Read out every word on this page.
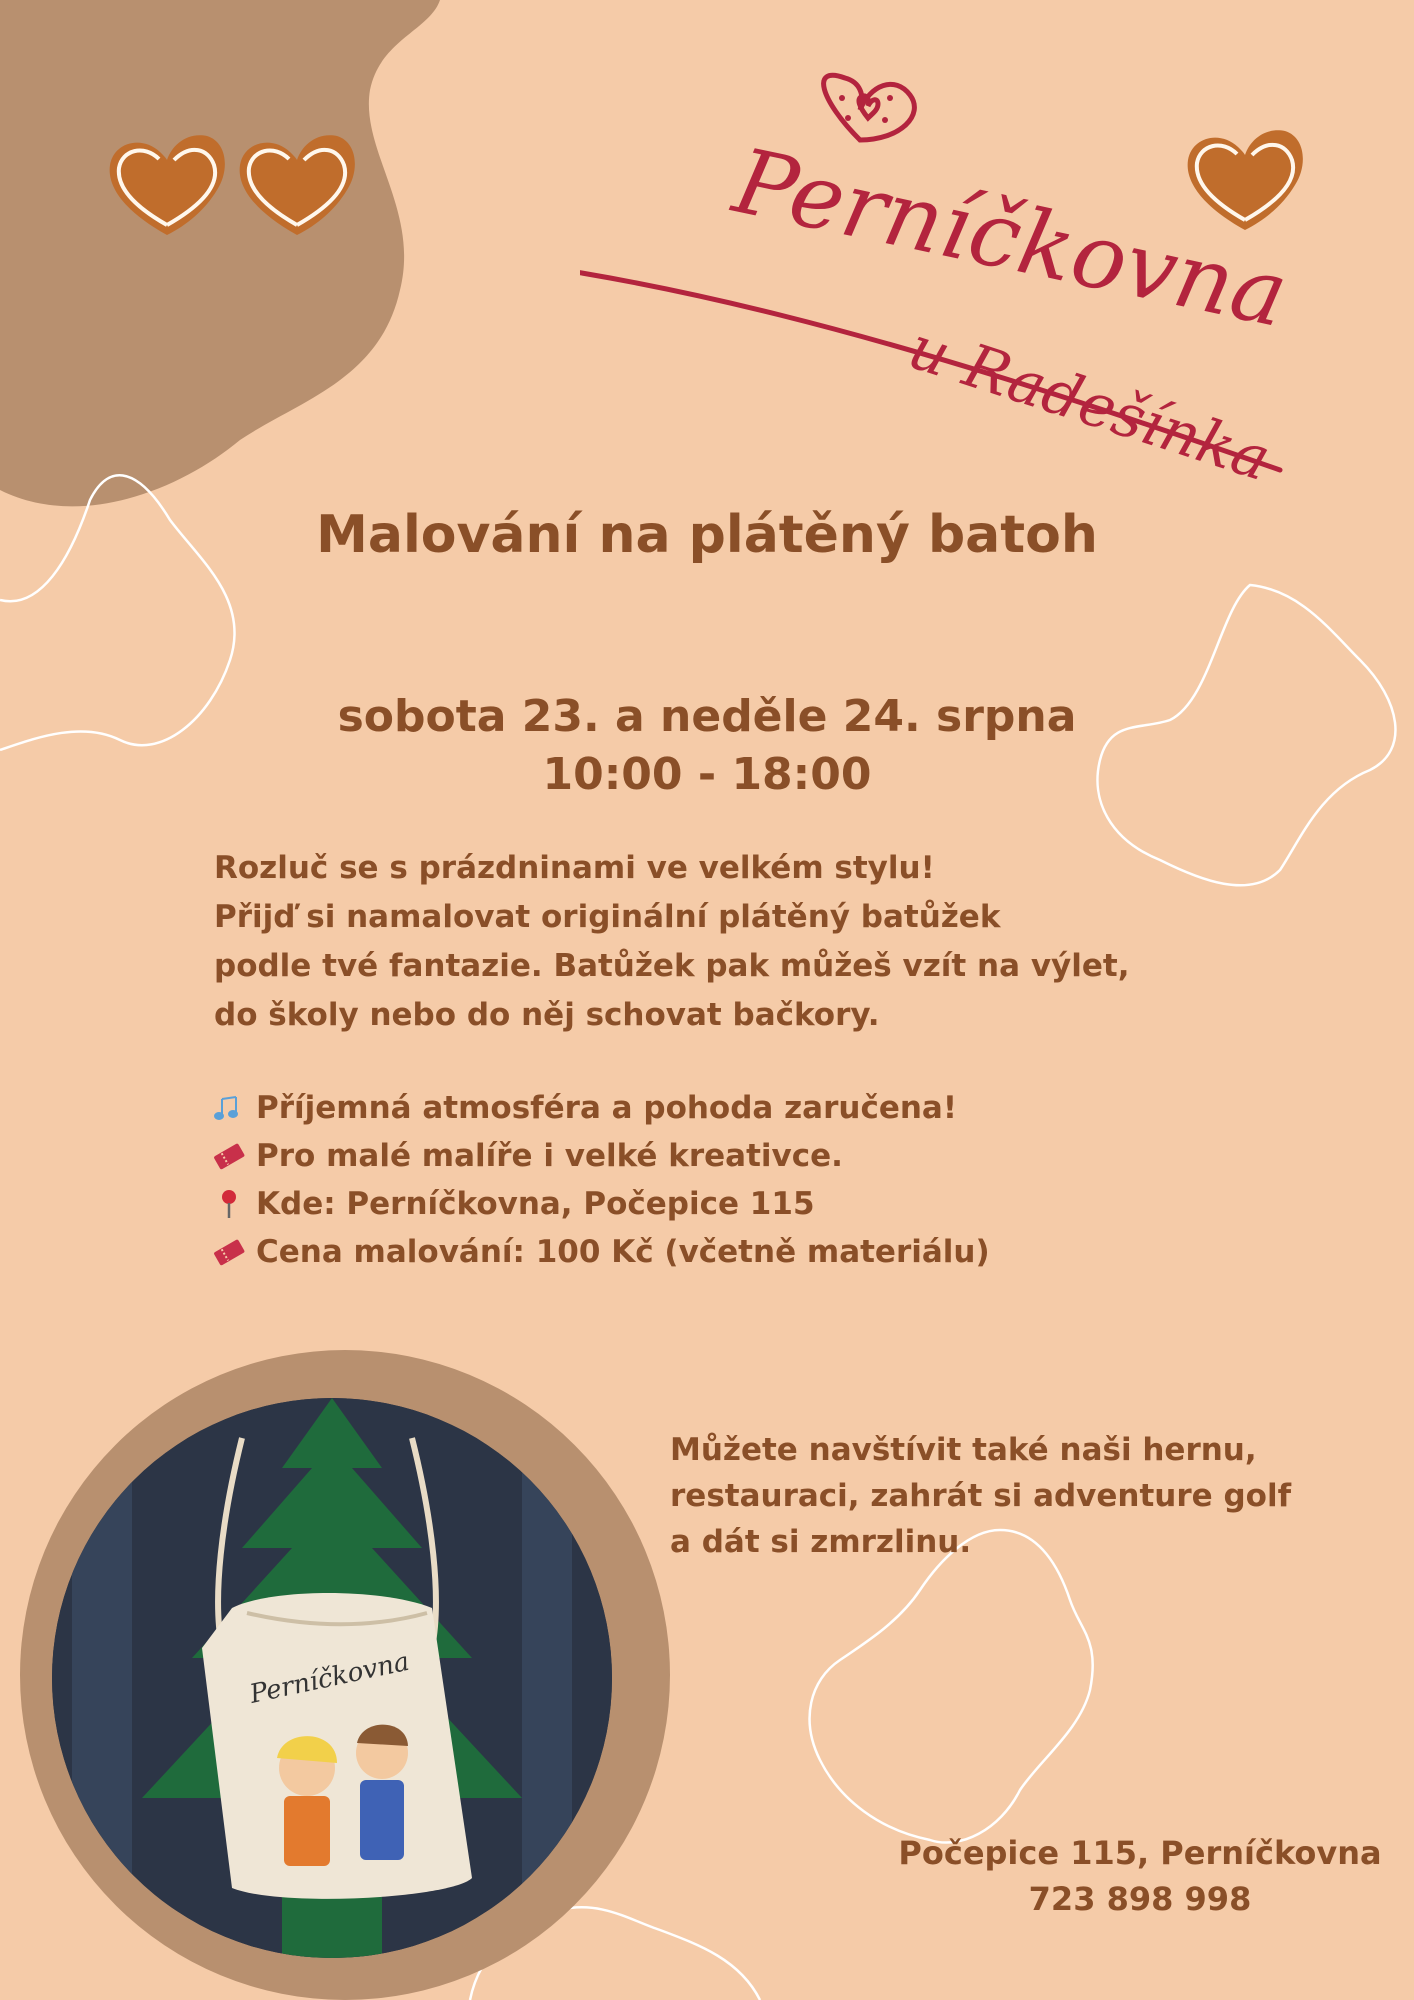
Perníčkovna
u Radešínka
Malování na plátěný batoh
sobota 23. a neděle 24. srpna
10:00 - 18:00
Rozluč se s prázdninami ve velkém stylu!
Přijď si namalovat originální plátěný batůžek
podle tvé fantazie. Batůžek pak můžeš vzít na výlet,
do školy nebo do něj schovat bačkory.
Příjemná atmosféra a pohoda zaručena!
Pro malé malíře i velké kreativce.
Kde: Perníčkovna, Počepice 115
Cena malování: 100 Kč (včetně materiálu)
Perníčkovna
Můžete navštívit také naši hernu,
restauraci, zahrát si adventure golf
a dát si zmrzlinu.
Počepice 115, Perníčkovna
723 898 998
